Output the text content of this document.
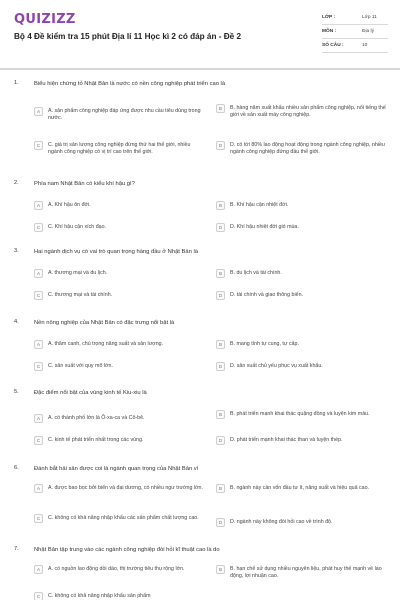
QUIZIZZ
Bộ 4 Đề kiểm tra 15 phút Địa lí 11 Học kì 2 có đáp án - Đề 2
LỚP :	Lớp 11
MÔN :	Địa lý
SỐ CÂU :	10
1.	Biểu hiện chứng tỏ Nhật Bản là nước có nền công nghiệp phát triển cao là
A	A. sản phẩm công nghiệp đáp ứng được nhu cầu tiêu dùng trong nước.
B	B. hàng năm xuất khẩu nhiều sản phẩm công nghiệp, nổi tiếng thế giới về sản xuất máy công nghiệp.
C	C. giá trị sản lượng công nghiệp đứng thứ hai thế giới, nhiều ngành công nghiệp có vị trí cao trên thế giới.
D	D. có tới 80% lao động hoạt động trong ngành công nghiệp, nhiều ngành công nghiệp đứng đầu thế giới.
2.	Phía nam Nhật Bản có kiểu khí hậu gì?
A	A. Khí hậu ôn đới.	B	B. Khí hậu cận nhiệt đới.
C	C. Khí hậu cận xích đạo.	D	D. Khí hậu nhiệt đới gió mùa.
3.	Hai ngành dịch vụ có vai trò quan trọng hàng đầu ở Nhật Bản là
A	A. thương mại và du lịch.	B	B. du lịch và tài chính.
C	C. thương mại và tài chính.	D	D. tài chính và giao thông biển.
4.	Nền nông nghiệp của Nhật Bản có đặc trưng nổi bật là
A	A. thâm canh, chú trọng năng suất và sản lượng.	B	B. mang tính tự cung, tự cấp.
C	C. sản xuất với quy mô lớn.	D	D. sản xuất chủ yếu phục vụ xuất khẩu.
5.	Đặc điểm nổi bật của vùng kinh tế Kiu-xiu là
A	A. có thành phố lớn là Ô-xa-ca và Cô-bê.
B	B. phát triển mạnh khai thác quặng đồng và luyện kim màu.
C	C. kinh tế phát triển nhất trong các vùng.	D	D. phát triển mạnh khai thác than và luyện thép.
6.	Đánh bắt hải sản được coi là ngành quan trọng của Nhật Bản vì
A	A. được bao bọc bởi biển và đại dương, có nhiều ngư trường lớn.	B	B. ngành này cần vốn đầu tư ít, năng suất và hiệu quả cao.
C	C. không có khả năng nhập khẩu các sản phẩm chất lượng cao.
D	D. ngành này không đòi hỏi cao về trình độ.
7.	Nhật Bản tập trung vào các ngành công nghiệp đòi hỏi kĩ thuật cao là do
A	A. có nguồn lao động dồi dào, thị trường tiêu thụ rộng lớn.	B	B. hạn chế sử dụng nhiều nguyên liệu, phát huy thế mạnh về lao động, lợi nhuận cao.
C	C. không có khả năng nhập khẩu sản phẩm
